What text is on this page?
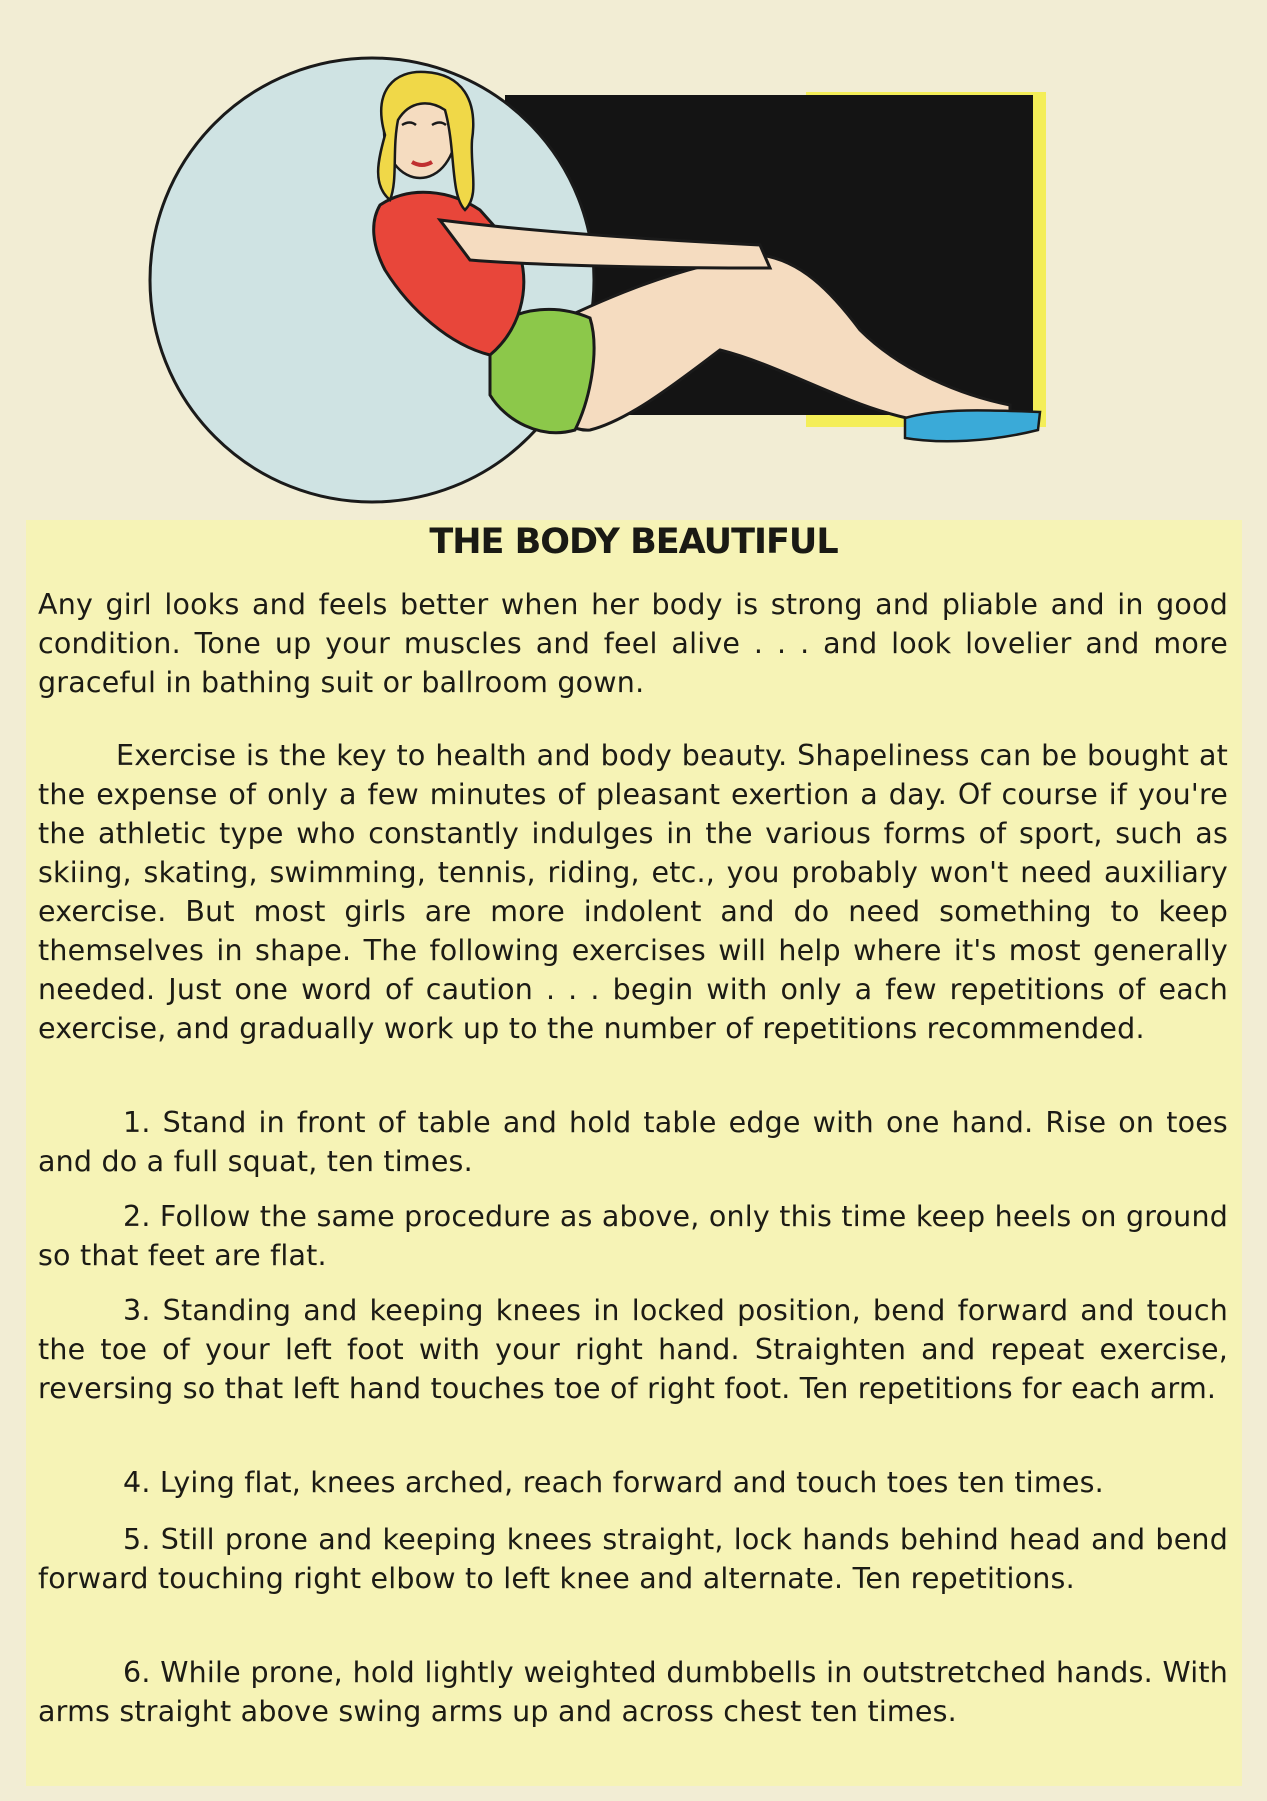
THE BODY BEAUTIFUL
Any girl looks and feels better when her body is strong and pliable and in good condition. Tone up your muscles and feel alive . . . and look lovelier and more graceful in bathing suit or ballroom gown.
Exercise is the key to health and body beauty. Shapeliness can be bought at the expense of only a few minutes of pleasant exertion a day. Of course if you're the athletic type who constantly indulges in the various forms of sport, such as skiing, skating, swimming, tennis, riding, etc., you probably won't need auxiliary exercise. But most girls are more indolent and do need something to keep themselves in shape. The following exercises will help where it's most generally needed. Just one word of caution . . . begin with only a few repetitions of each exercise, and gradually work up to the number of repetitions recommended.
1. Stand in front of table and hold table edge with one hand. Rise on toes and do a full squat, ten times.
2. Follow the same procedure as above, only this time keep heels on ground so that feet are flat.
3. Standing and keeping knees in locked position, bend forward and touch the toe of your left foot with your right hand. Straighten and repeat exercise, reversing so that left hand touches toe of right foot. Ten repetitions for each arm.
4. Lying flat, knees arched, reach forward and touch toes ten times.
5. Still prone and keeping knees straight, lock hands behind head and bend forward touching right elbow to left knee and alternate. Ten repetitions.
6. While prone, hold lightly weighted dumbbells in outstretched hands. With arms straight above swing arms up and across chest ten times.
